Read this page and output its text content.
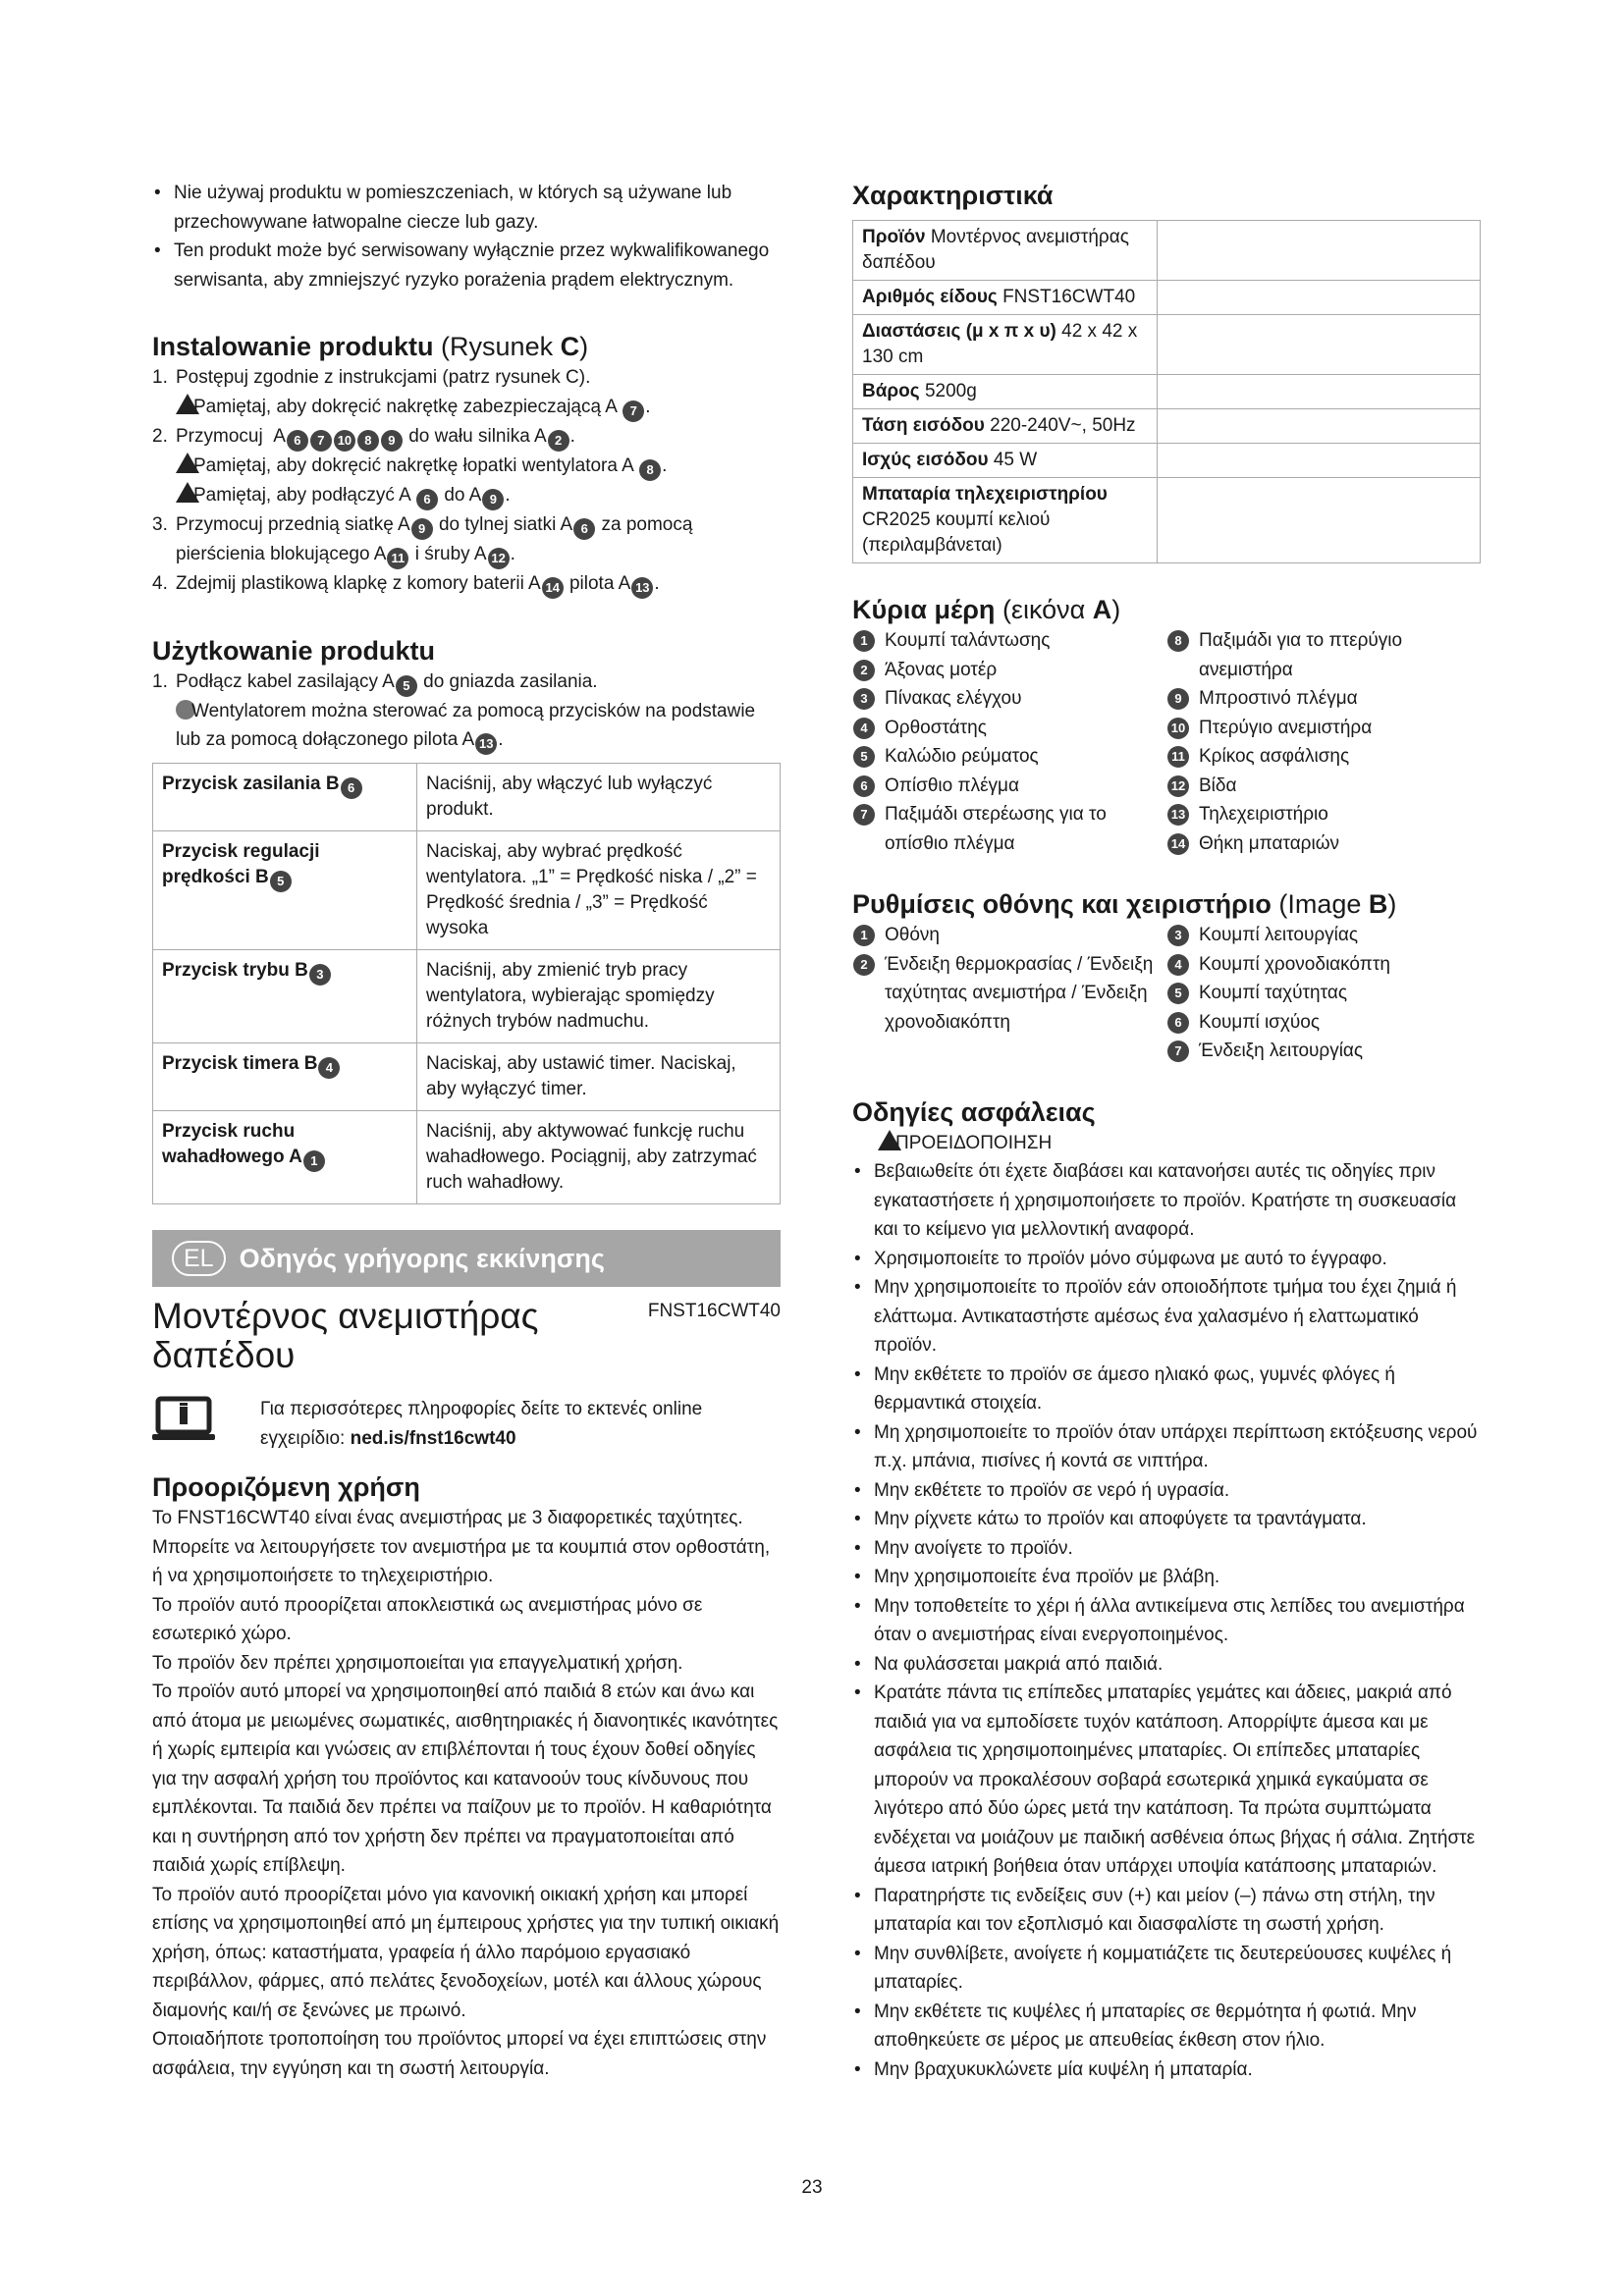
• Nie używaj produktu w pomieszczeniach, w których są używane lub przechowywane łatwopalne ciecze lub gazy.
• Ten produkt może być serwisowany wyłącznie przez wykwalifikowanego serwisanta, aby zmniejszyć ryzyko porażenia prądem elektrycznym.
Instalowanie produktu (Rysunek C)
1. Postępuj zgodnie z instrukcjami (patrz rysunek C).
Pamiętaj, aby dokręcić nakrętkę zabezpieczającą A 7 .
2. Przymocuj  A 6 7 10 8 9 do wału silnika A 2 .
Pamiętaj, aby dokręcić nakrętkę łopatki wentylatora A 8 .
Pamiętaj, aby podłączyć A 6 do A 9 .
3. Przymocuj przednią siatkę A 9 do tylnej siatki A 6 za pomocą pierścienia blokującego A 11 i śruby A 12 .
4. Zdejmij plastikową klapkę z komory baterii A 14 pilota A 13 .
Użytkowanie produktu
1. Podłącz kabel zasilający A 5 do gniazda zasilania.
Wentylatorem można sterować za pomocą przycisków na podstawie lub za pomocą dołączonego pilota A 13 .
Przycisk zasilania B 6	Naciśnij, aby włączyć lub wyłączyć produkt.
Przycisk regulacji prędkości B 5	Naciskaj, aby wybrać prędkość wentylatora. „1” = Prędkość niska / „2” = Prędkość średnia / „3” = Prędkość wysoka
Przycisk trybu B 3	Naciśnij, aby zmienić tryb pracy wentylatora, wybierając spomiędzy różnych trybów nadmuchu.
Przycisk timera B 4	Naciskaj, aby ustawić timer. Naciskaj, aby wyłączyć timer.
Przycisk ruchu wahadłowego A 1	Naciśnij, aby aktywować funkcję ruchu wahadłowego. Pociągnij, aby zatrzymać ruch wahadłowy.
EL Οδηγός γρήγορης εκκίνησης
Μοντέρνος ανεμιστήρας δαπέδου
FNST16CWT40
Για περισσότερες πληροφορίες δείτε το εκτενές online εγχειρίδιο: ned.is/fnst16cwt40
Προοριζόμενη χρήση

Το FNST16CWT40 είναι ένας ανεμιστήρας με 3 διαφορετικές ταχύτητες.

Μπορείτε να λειτουργήσετε τον ανεμιστήρα με τα κουμπιά στον ορθοστάτη, ή να χρησιμοποιήσετε το τηλεχειριστήριο.

Το προϊόν αυτό προορίζεται αποκλειστικά ως ανεμιστήρας μόνο σε εσωτερικό χώρο.

Το προϊόν δεν πρέπει χρησιμοποιείται για επαγγελματική χρήση.

Το προϊόν αυτό μπορεί να χρησιμοποιηθεί από παιδιά 8 ετών και άνω και από άτομα με μειωμένες σωματικές, αισθητηριακές ή διανοητικές ικανότητες ή χωρίς εμπειρία και γνώσεις αν επιβλέπονται ή τους έχουν δοθεί οδηγίες για την ασφαλή χρήση του προϊόντος και κατανοούν τους κίνδυνους που εμπλέκονται. Τα παιδιά δεν πρέπει να παίζουν με το προϊόν. Η καθαριότητα και η συντήρηση από τον χρήστη δεν πρέπει να πραγματοποιείται από παιδιά χωρίς επίβλεψη.

Το προϊόν αυτό προορίζεται μόνο για κανονική οικιακή χρήση και μπορεί επίσης να χρησιμοποιηθεί από μη έμπειρους χρήστες για την τυπική οικιακή χρήση, όπως: καταστήματα, γραφεία ή άλλο παρόμοιο εργασιακό περιβάλλον, φάρμες, από πελάτες ξενοδοχείων, μοτέλ και άλλους χώρους διαμονής και/ή σε ξενώνες με πρωινό.

Οποιαδήποτε τροποποίηση του προϊόντος μπορεί να έχει επιπτώσεις στην ασφάλεια, την εγγύηση και τη σωστή λειτουργία.

Χαρακτηριστικά
Προϊόν Μοντέρνος ανεμιστήρας δαπέδου	
Αριθμός είδους FNST16CWT40	
Διαστάσεις (μ x π x υ) 42 x 42 x 130 cm	
Βάρος 5200g	
Τάση εισόδου 220-240V~, 50Hz	
Ισχύς εισόδου 45 W	
Μπαταρία τηλεχειριστηρίου CR2025 κουμπί κελιού (περιλαμβάνεται)	
Κύρια μέρη (εικόνα A)
1 Κουμπί ταλάντωσης
2 Άξονας μοτέρ
3 Πίνακας ελέγχου
4 Ορθοστάτης
5 Καλώδιο ρεύματος
6 Οπίσθιο πλέγμα
7 Παξιμάδι στερέωσης για το οπίσθιο πλέγμα
8 Παξιμάδι για το πτερύγιο ανεμιστήρα
9 Μπροστινό πλέγμα
10 Πτερύγιο ανεμιστήρα
11 Κρίκος ασφάλισης
12 Βίδα
13 Τηλεχειριστήριο
14 Θήκη μπαταριών
Ρυθμίσεις οθόνης και χειριστήριο (Image B)
1 Οθόνη
2 Ένδειξη θερμοκρασίας / Ένδειξη ταχύτητας ανεμιστήρα / Ένδειξη χρονοδιακόπτη
3 Κουμπί λειτουργίας
4 Κουμπί χρονοδιακόπτη
5 Κουμπί ταχύτητας
6 Κουμπί ισχύος
7 Ένδειξη λειτουργίας
Οδηγίες ασφάλειας
ΠΡΟΕΙΔΟΠΟΙΗΣΗ
• Βεβαιωθείτε ότι έχετε διαβάσει και κατανοήσει αυτές τις οδηγίες πριν εγκαταστήσετε ή χρησιμοποιήσετε το προϊόν. Κρατήστε τη συσκευασία και το κείμενο για μελλοντική αναφορά.
• Χρησιμοποιείτε το προϊόν μόνο σύμφωνα με αυτό το έγγραφο.
• Μην χρησιμοποιείτε το προϊόν εάν οποιοδήποτε τμήμα του έχει ζημιά ή ελάττωμα. Αντικαταστήστε αμέσως ένα χαλασμένο ή ελαττωματικό προϊόν.
• Μην εκθέτετε το προϊόν σε άμεσο ηλιακό φως, γυμνές φλόγες ή θερμαντικά στοιχεία.
• Μη χρησιμοποιείτε το προϊόν όταν υπάρχει περίπτωση εκτόξευσης νερού π.χ. μπάνια, πισίνες ή κοντά σε νιπτήρα.
• Μην εκθέτετε το προϊόν σε νερό ή υγρασία.
• Μην ρίχνετε κάτω το προϊόν και αποφύγετε τα τραντάγματα.
• Μην ανοίγετε το προϊόν.
• Μην χρησιμοποιείτε ένα προϊόν με βλάβη.
• Μην τοποθετείτε το χέρι ή άλλα αντικείμενα στις λεπίδες του ανεμιστήρα όταν ο ανεμιστήρας είναι ενεργοποιημένος.
• Να φυλάσσεται μακριά από παιδιά.
• Κρατάτε πάντα τις επίπεδες μπαταρίες γεμάτες και άδειες, μακριά από παιδιά για να εμποδίσετε τυχόν κατάποση. Απορρίψτε άμεσα και με ασφάλεια τις χρησιμοποιημένες μπαταρίες. Οι επίπεδες μπαταρίες μπορούν να προκαλέσουν σοβαρά εσωτερικά χημικά εγκαύματα σε λιγότερο από δύο ώρες μετά την κατάποση. Τα πρώτα συμπτώματα ενδέχεται να μοιάζουν με παιδική ασθένεια όπως βήχας ή σάλια. Ζητήστε άμεσα ιατρική βοήθεια όταν υπάρχει υποψία κατάποσης μπαταριών.
• Παρατηρήστε τις ενδείξεις συν (+) και μείον (–) πάνω στη στήλη, την μπαταρία και τον εξοπλισμό και διασφαλίστε τη σωστή χρήση.
• Μην συνθλίβετε, ανοίγετε ή κομματιάζετε τις δευτερεύουσες κυψέλες ή μπαταρίες.
• Μην εκθέτετε τις κυψέλες ή μπαταρίες σε θερμότητα ή φωτιά. Μην αποθηκεύετε σε μέρος με απευθείας έκθεση στον ήλιο.
• Μην βραχυκυκλώνετε μία κυψέλη ή μπαταρία.
23
